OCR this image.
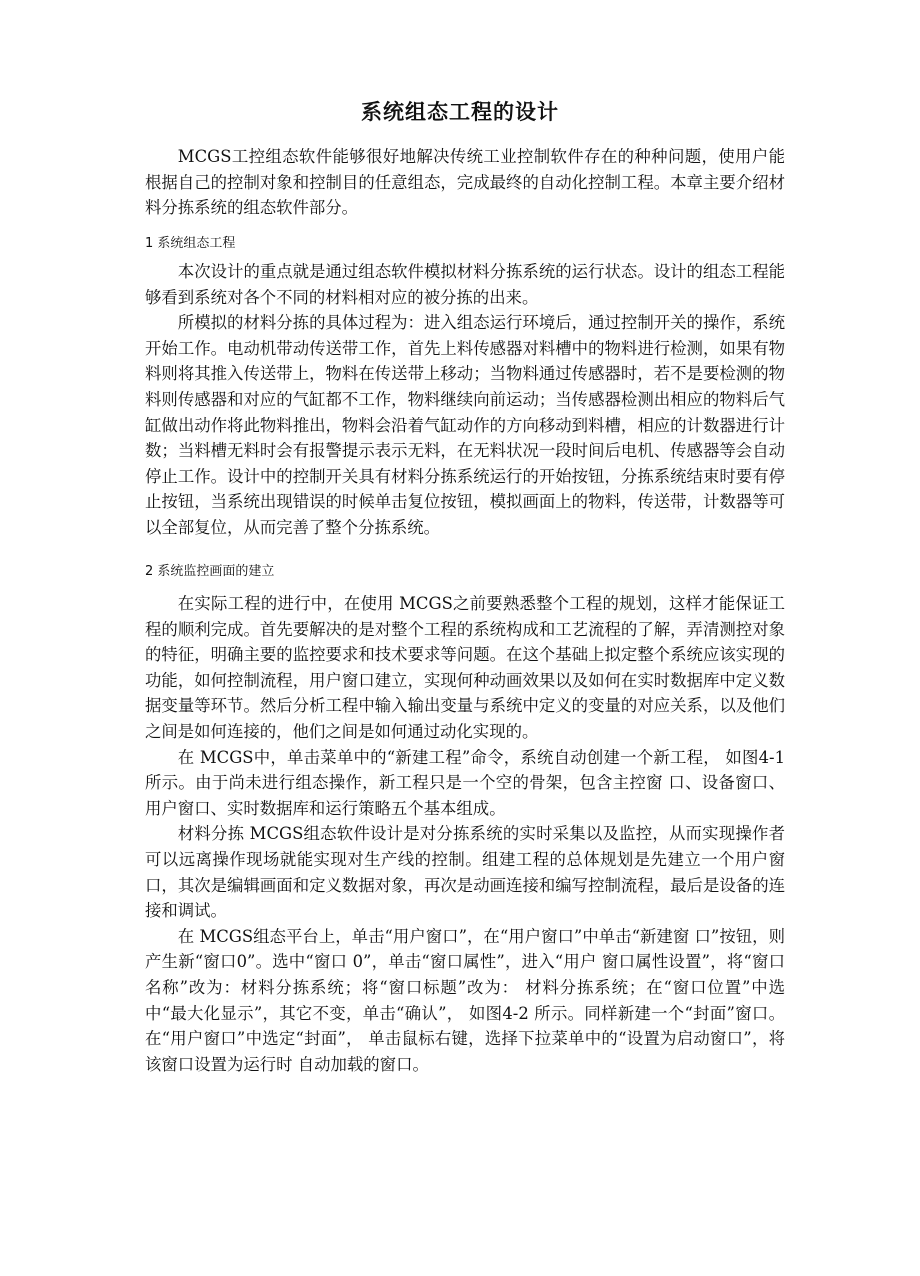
系统组态工程的设计

MCGS工控组态软件能够很好地解决传统工业控制软件存在的种种问题，使用户能根据自己的控制对象和控制目的任意组态，完成最终的自动化控制工程。本章主要介绍材料分拣系统的组态软件部分。

1 系统组态工程

本次设计的重点就是通过组态软件模拟材料分拣系统的运行状态。设计的组态工程能够看到系统对各个不同的材料相对应的被分拣的出来。

所模拟的材料分拣的具体过程为：进入组态运行环境后，通过控制开关的操作，系统开始工作。电动机带动传送带工作，首先上料传感器对料槽中的物料进行检测，如果有物料则将其推入传送带上，物料在传送带上移动；当物料通过传感器时，若不是要检测的物料则传感器和对应的气缸都不工作，物料继续向前运动；当传感器检测出相应的物料后气缸做出动作将此物料推出，物料会沿着气缸动作的方向移动到料槽，相应的计数器进行计数；当料槽无料时会有报警提示表示无料，在无料状况一段时间后电机、传感器等会自动停止工作。设计中的控制开关具有材料分拣系统运行的开始按钮，分拣系统结束时要有停止按钮，当系统出现错误的时候单击复位按钮，模拟画面上的物料，传送带，计数器等可以全部复位，从而完善了整个分拣系统。

2 系统监控画面的建立

在实际工程的进行中，在使用 MCGS之前要熟悉整个工程的规划，这样才能保证工程的顺利完成。首先要解决的是对整个工程的系统构成和工艺流程的了解，弄清测控对象的特征，明确主要的监控要求和技术要求等问题。在这个基础上拟定整个系统应该实现的功能，如何控制流程，用户窗口建立，实现何种动画效果以及如何在实时数据库中定义数据变量等环节。然后分析工程中输入输出变量与系统中定义的变量的对应关系，以及他们之间是如何连接的，他们之间是如何通过动化实现的。

在 MCGS中，单击菜单中的“新建工程”命令，系统自动创建一个新工程， 如图4-1 所示。由于尚未进行组态操作，新工程只是一个空的骨架，包含主控窗 口、设备窗口、用户窗口、实时数据库和运行策略五个基本组成。

材料分拣 MCGS组态软件设计是对分拣系统的实时采集以及监控，从而实现操作者可以远离操作现场就能实现对生产线的控制。组建工程的总体规划是先建立一个用户窗口，其次是编辑画面和定义数据对象，再次是动画连接和编写控制流程，最后是设备的连接和调试。

在 MCGS组态平台上，单击“用户窗口”，在“用户窗口”中单击“新建窗 口”按钮，则产生新“窗口0”。选中“窗口 0”，单击“窗口属性”，进入“用户 窗口属性设置”，将“窗口名称”改为：材料分拣系统；将“窗口标题”改为： 材料分拣系统；在“窗口位置”中选中“最大化显示”，其它不变，单击“确认”， 如图4-2 所示。同样新建一个“封面”窗口。在“用户窗口”中选定“封面”， 单击鼠标右键，选择下拉菜单中的“设置为启动窗口”，将该窗口设置为运行时 自动加载的窗口。
